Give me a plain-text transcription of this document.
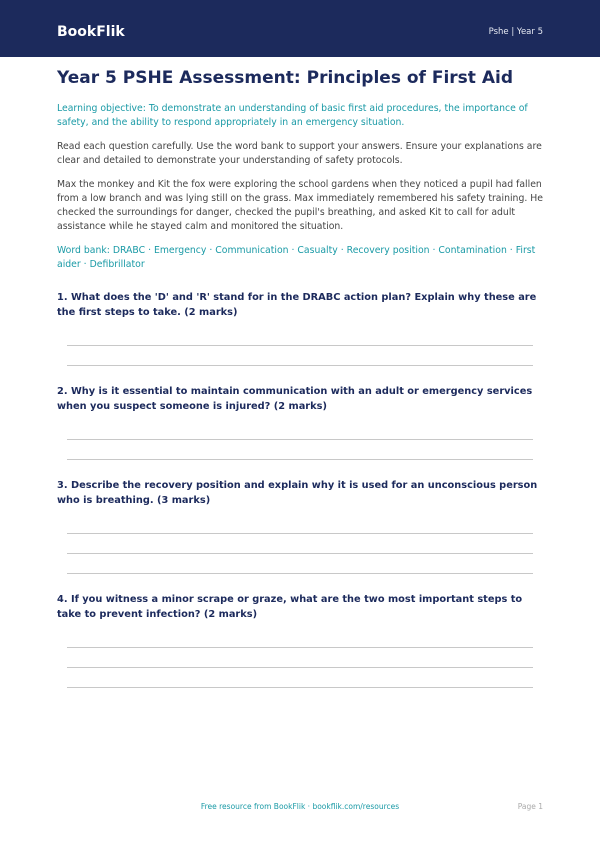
BookFlik	Pshe | Year 5
Year 5 PSHE Assessment: Principles of First Aid

Learning objective: To demonstrate an understanding of basic first aid procedures, the importance of safety, and the ability to respond appropriately in an emergency situation.

Read each question carefully. Use the word bank to support your answers. Ensure your explanations are clear and detailed to demonstrate your understanding of safety protocols.

Max the monkey and Kit the fox were exploring the school gardens when they noticed a pupil had fallen from a low branch and was lying still on the grass. Max immediately remembered his safety training. He checked the surroundings for danger, checked the pupil's breathing, and asked Kit to call for adult assistance while he stayed calm and monitored the situation.

Word bank: DRABC · Emergency · Communication · Casualty · Recovery position · Contamination · First aider · Defibrillator

1. What does the 'D' and 'R' stand for in the DRABC action plan? Explain why these are the first steps to take. (2 marks)

2. Why is it essential to maintain communication with an adult or emergency services when you suspect someone is injured? (2 marks)

3. Describe the recovery position and explain why it is used for an unconscious person who is breathing. (3 marks)

4. If you witness a minor scrape or graze, what are the two most important steps to take to prevent infection? (2 marks)

Free resource from BookFlik · bookflik.com/resources	Page 1
